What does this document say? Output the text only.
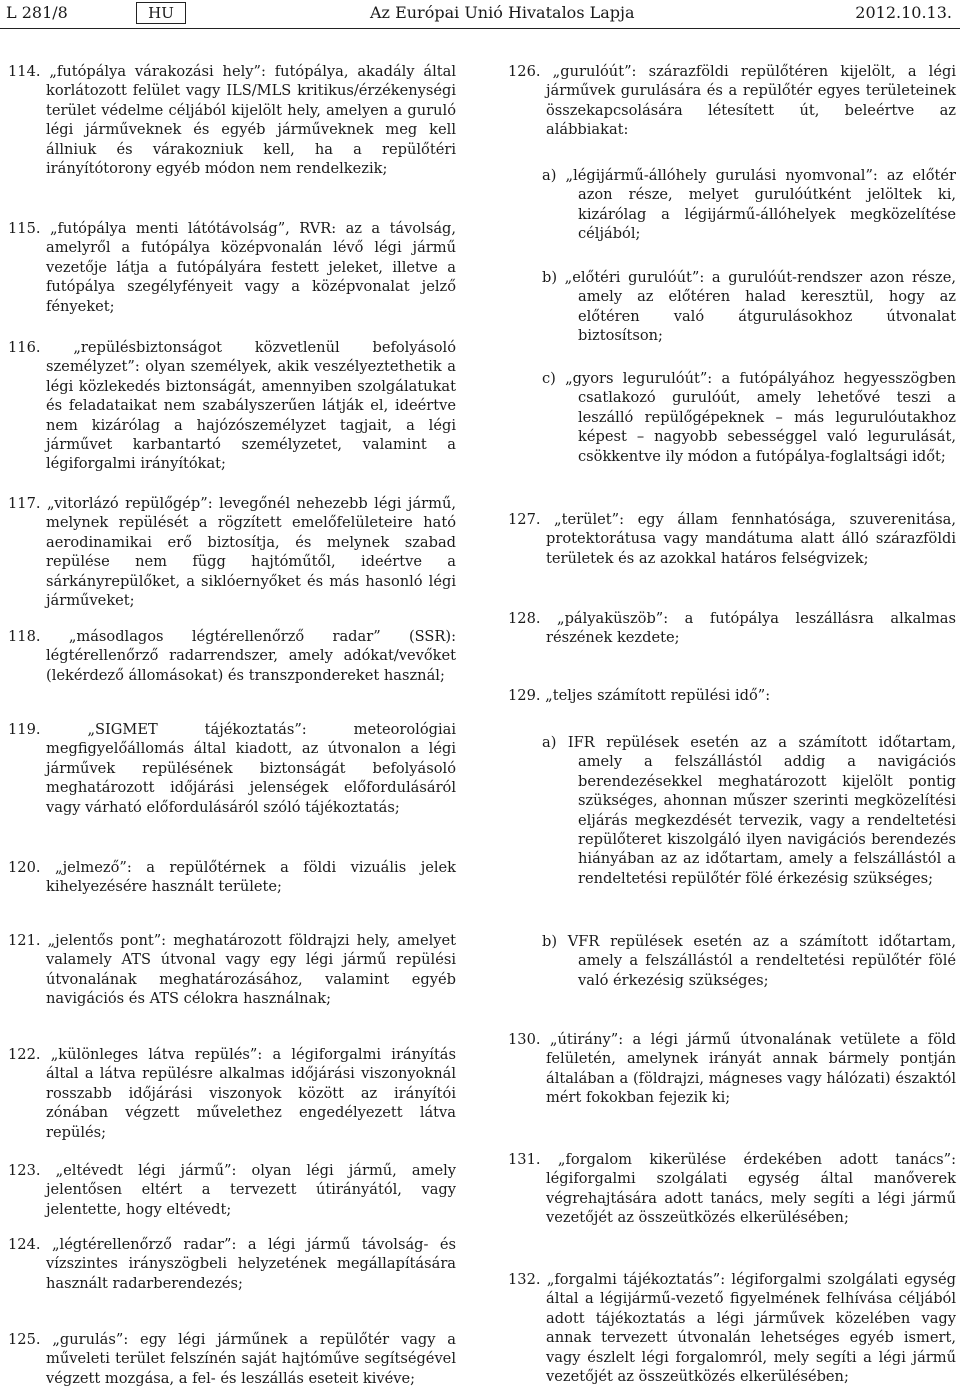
L 281/8	HU	Az Európai Unió Hivatalos Lapja	2012.10.13.

114. „futópálya várakozási hely”: futópálya, akadály által korlátozott felület vagy ILS/MLS kritikus/érzékenységi terület védelme céljából kijelölt hely, amelyen a guruló légi járműveknek és egyéb járműveknek meg kell állniuk és várakozniuk kell, ha a repülőtéri irányítótorony egyéb módon nem rendelkezik;

115. „futópálya menti látótávolság”, RVR: az a távolság, amelyről a futópálya középvonalán lévő légi jármű vezetője látja a futópályára festett jeleket, illetve a futópálya szegélyfényeit vagy a középvonalat jelző fényeket;

116. „repülésbiztonságot közvetlenül befolyásoló személyzet”: olyan személyek, akik veszélyeztethetik a légi közlekedés biztonságát, amennyiben szolgálatukat és feladataikat nem szabályszerűen látják el, ideértve nem kizárólag a hajózószemélyzet tagjait, a légi járművet karbantartó személyzetet, valamint a légiforgalmi irányítókat;

117. „vitorlázó repülőgép”: levegőnél nehezebb légi jármű, melynek repülését a rögzített emelőfelületeire ható aerodinamikai erő biztosítja, és melynek szabad repülése nem függ hajtóműtől, ideértve a sárkányrepülőket, a siklóernyőket és más hasonló légi járműveket;

118. „másodlagos légtérellenőrző radar” (SSR): légtérellenőrző radarrendszer, amely adókat/vevőket (lekérdező állomásokat) és transzpondereket használ;

119.	„SIGMET tájékoztatás”: meteorológiai megfigyelőállomás által kiadott, az útvonalon a légi járművek repülésének biztonságát befolyásoló meghatározott időjárási jelenségek előfordulásáról vagy várható előfordulásáról szóló tájékoztatás;

120. „jelmező”: a repülőtérnek a földi vizuális jelek kihelyezésére használt területe;

121. „jelentős pont”: meghatározott földrajzi hely, amelyet valamely ATS útvonal vagy egy légi jármű repülési útvonalának meghatározásához, valamint egyéb navigációs és ATS célokra használnak;

122. „különleges látva repülés”: a légiforgalmi irányítás által a látva repülésre alkalmas időjárási viszonyoknál rosszabb időjárási viszonyok között az irányítói zónában végzett művelethez engedélyezett látva repülés;

123. „eltévedt légi jármű”: olyan légi jármű, amely jelentősen eltért a tervezett útirányától, vagy jelentette, hogy eltévedt;

124. „légtérellenőrző radar”: a légi jármű távolság- és vízszintes irányszögbeli helyzetének megállapítására használt radarberendezés;

125. „gurulás”: egy légi járműnek a repülőtér vagy a műveleti terület felszínén saját hajtóműve segítségével végzett mozgása, a fel- és leszállás eseteit kivéve;

126. „gurulóút”: szárazföldi repülőtéren kijelölt, a légi járművek gurulására és a repülőtér egyes területeinek összekapcsolására létesített út, beleértve az alábbiakat:

a) „légijármű-állóhely gurulási nyomvonal”: az előtér azon része, melyet gurulóútként jelöltek ki, kizárólag a légijármű-állóhelyek megközelítése céljából;

b) „előtéri gurulóút”: a gurulóút-rendszer azon része, amely az előtéren halad keresztül, hogy az előtéren való átgurulásokhoz útvonalat biztosítson;

c) „gyors legurulóút”: a futópályához hegyesszögben csatlakozó gurulóút, amely lehetővé teszi a leszálló repülőgépeknek – más legurulóutakhoz képest – nagyobb sebességgel való legurulását, csökkentve ily módon a futópálya-foglaltsági időt;

127. „terület”: egy állam fennhatósága, szuverenitása, protektorátusa vagy mandátuma alatt álló szárazföldi területek és az azokkal határos felségvizek;

128. „pályaküszöb”: a futópálya leszállásra alkalmas részének kezdete;

129. „teljes számított repülési idő”:

a) IFR repülések esetén az a számított időtartam, amely a felszállástól addig a navigációs berendezésekkel meghatározott kijelölt pontig szükséges, ahonnan műszer szerinti megközelítési eljárás megkezdését tervezik, vagy a rendeltetési repülőteret kiszolgáló ilyen navigációs berendezés hiányában az az időtartam, amely a felszállástól a rendeltetési repülőtér fölé érkezésig szükséges;

b) VFR repülések esetén az a számított időtartam, amely a felszállástól a rendeltetési repülőtér fölé való érkezésig szükséges;

130. „útirány”: a légi jármű útvonalának vetülete a föld felületén, amelynek irányát annak bármely pontján általában a (földrajzi, mágneses vagy hálózati) északtól mért fokokban fejezik ki;

131. „forgalom kikerülése érdekében adott tanács”: légiforgalmi szolgálati egység által manőverek végrehajtására adott tanács, mely segíti a légi jármű vezetőjét az összeütközés elkerülésében;

132. „forgalmi tájékoztatás”: légiforgalmi szolgálati egység által a légijármű-vezető figyelmének felhívása céljából adott tájékoztatás a légi járművek közelében vagy annak tervezett útvonalán lehetséges egyéb ismert, vagy észlelt légi forgalomról, mely segíti a légi jármű vezetőjét az összeütközés elkerülésében;
